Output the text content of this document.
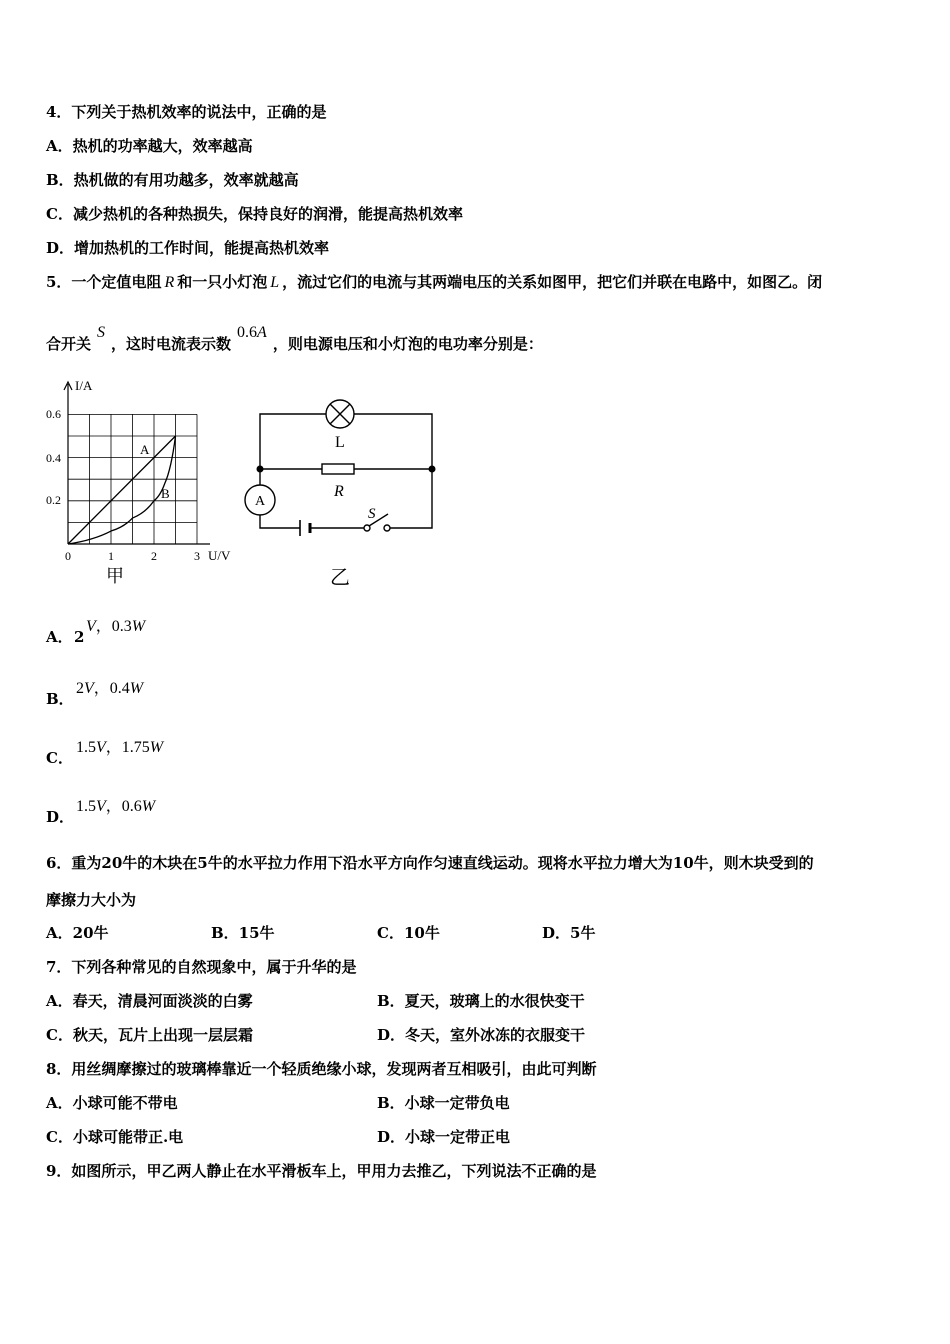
4．下列关于热机效率的说法中，正确的是
A．热机的功率越大，效率越高
B．热机做的有用功越多，效率就越高
C．减少热机的各种热损失，保持良好的润滑，能提高热机效率
D．增加热机的工作时间，能提高热机效率
5．一个定值电阻 R 和一只小灯泡 L ，流过它们的电流与其两端电压的关系如图甲，把它们并联在电路中，如图乙。闭
合开关S，这时电流表示数0.6A，则电源电压和小灯泡的电功率分别是：
I/A
U/V
0.6
0.4
0.2
0	1	2	3
A
B
甲
L
R
A
S
乙
A． 2
V，0.3W
B．
2V，0.4W
C．
1.5V，1.75W
D．
1.5V，0.6W
6．重为20牛的木块在5牛的水平拉力作用下沿水平方向作匀速直线运动。现将水平拉力增大为10牛，则木块受到的
摩擦力大小为
A．20牛	B．15牛	C．10牛	D．5牛
7．下列各种常见的自然现象中，属于升华的是
A．春天，清晨河面淡淡的白雾	B．夏天，玻璃上的水很快变干
C．秋天，瓦片上出现一层层霜	D．冬天，室外冰冻的衣服变干
8．用丝绸摩擦过的玻璃棒靠近一个轻质绝缘小球，发现两者互相吸引，由此可判断
A．小球可能不带电	B．小球一定带负电
C．小球可能带正.电	D．小球一定带正电
9．如图所示，甲乙两人静止在水平滑板车上，甲用力去推乙，下列说法不正确的是
